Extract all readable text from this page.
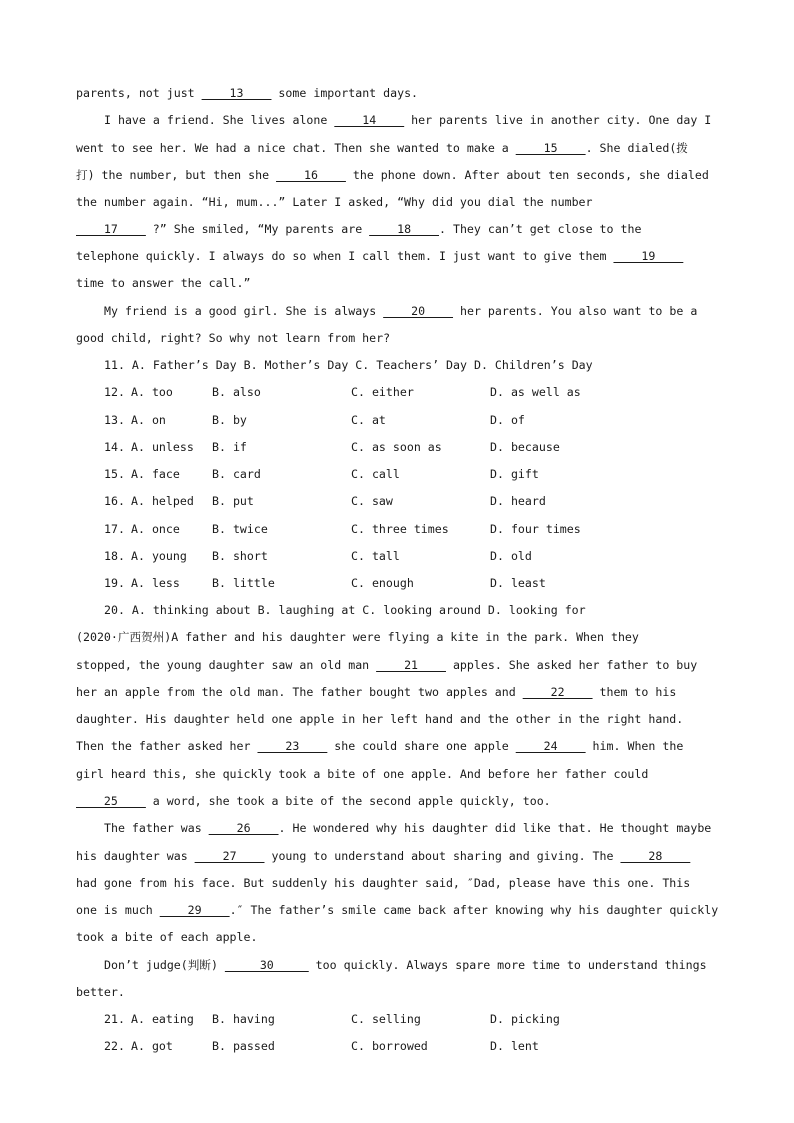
parents, not just ____13____ some important days.
I have a friend. She lives alone ____14____ her parents live in another city. One day I
went to see her. We had a nice chat. Then she wanted to make a ____15____. She dialed(拨
打) the number, but then she ____16____ the phone down. After about ten seconds, she dialed
the number again. “Hi, mum...” Later I asked, “Why did you dial the number
____17____ ?” She smiled, “My parents are ____18____. They can’t get close to the
telephone quickly. I always do so when I call them. I just want to give them ____19____
time to answer the call.”
My friend is a good girl. She is always ____20____ her parents. You also want to be a
good child, right? So why not learn from her?
11. A. Father’s Day B. Mother’s Day C. Teachers’ Day D. Children’s Day
12. A. too	B. also	C. either	D. as well as
13. A. on	B. by	C. at	D. of
14. A. unless B. if	C. as soon as	D. because
15. A. face	B. card	C. call	D. gift
16. A. helped B. put	C. saw	D. heard
17. A. once	B. twice	C. three times	D. four times
18. A. young B. short	C. tall	D. old
19. A. less	B. little	C. enough	D. least
20. A. thinking about B. laughing at C. looking around D. looking for
(2020·广西贺州)A father and his daughter were flying a kite in the park. When they
stopped, the young daughter saw an old man ____21____ apples. She asked her father to buy
her an apple from the old man. The father bought two apples and ____22____ them to his
daughter. His daughter held one apple in her left hand and the other in the right hand.
Then the father asked her ____23____ she could share one apple ____24____ him. When the
girl heard this, she quickly took a bite of one apple. And before her father could
____25____ a word, she took a bite of the second apple quickly, too.
The father was ____26____. He wondered why his daughter did like that. He thought maybe
his daughter was ____27____ young to understand about sharing and giving. The ____28____
had gone from his face. But suddenly his daughter said, ″Dad, please have this one. This
one is much ____29____.″ The father’s smile came back after knowing why his daughter quickly
took a bite of each apple.
Don’t judge(判断) _____30_____ too quickly. Always spare more time to understand things
better.
21. A. eating B. having	C. selling	D. picking
22. A. got	B. passed	C. borrowed	D. lent
